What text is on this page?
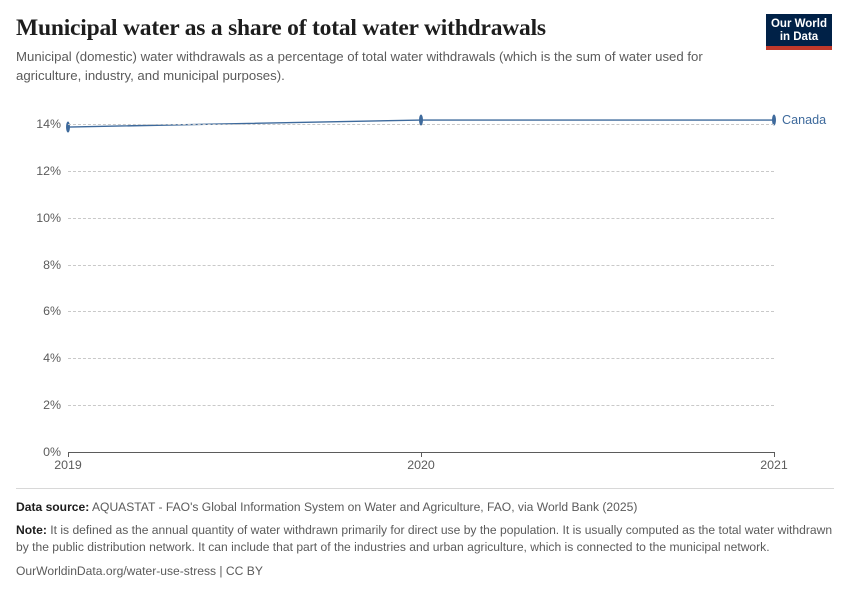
Municipal water as a share of total water withdrawals

Municipal (domestic) water withdrawals as a percentage of total water withdrawals (which is the sum of water used for agriculture, industry, and municipal purposes).

Our World
in Data
0%
2%
4%
6%
8%
10%
12%
14%
2019	2020	2021
Canada
Data source: AQUASTAT - FAO's Global Information System on Water and Agriculture, FAO, via World Bank (2025)
Note: It is defined as the annual quantity of water withdrawn primarily for direct use by the population. It is usually computed as the total water withdrawn by the public distribution network. It can include that part of the industries and urban agriculture, which is connected to the municipal network.
OurWorldinData.org/water-use-stress | CC BY
